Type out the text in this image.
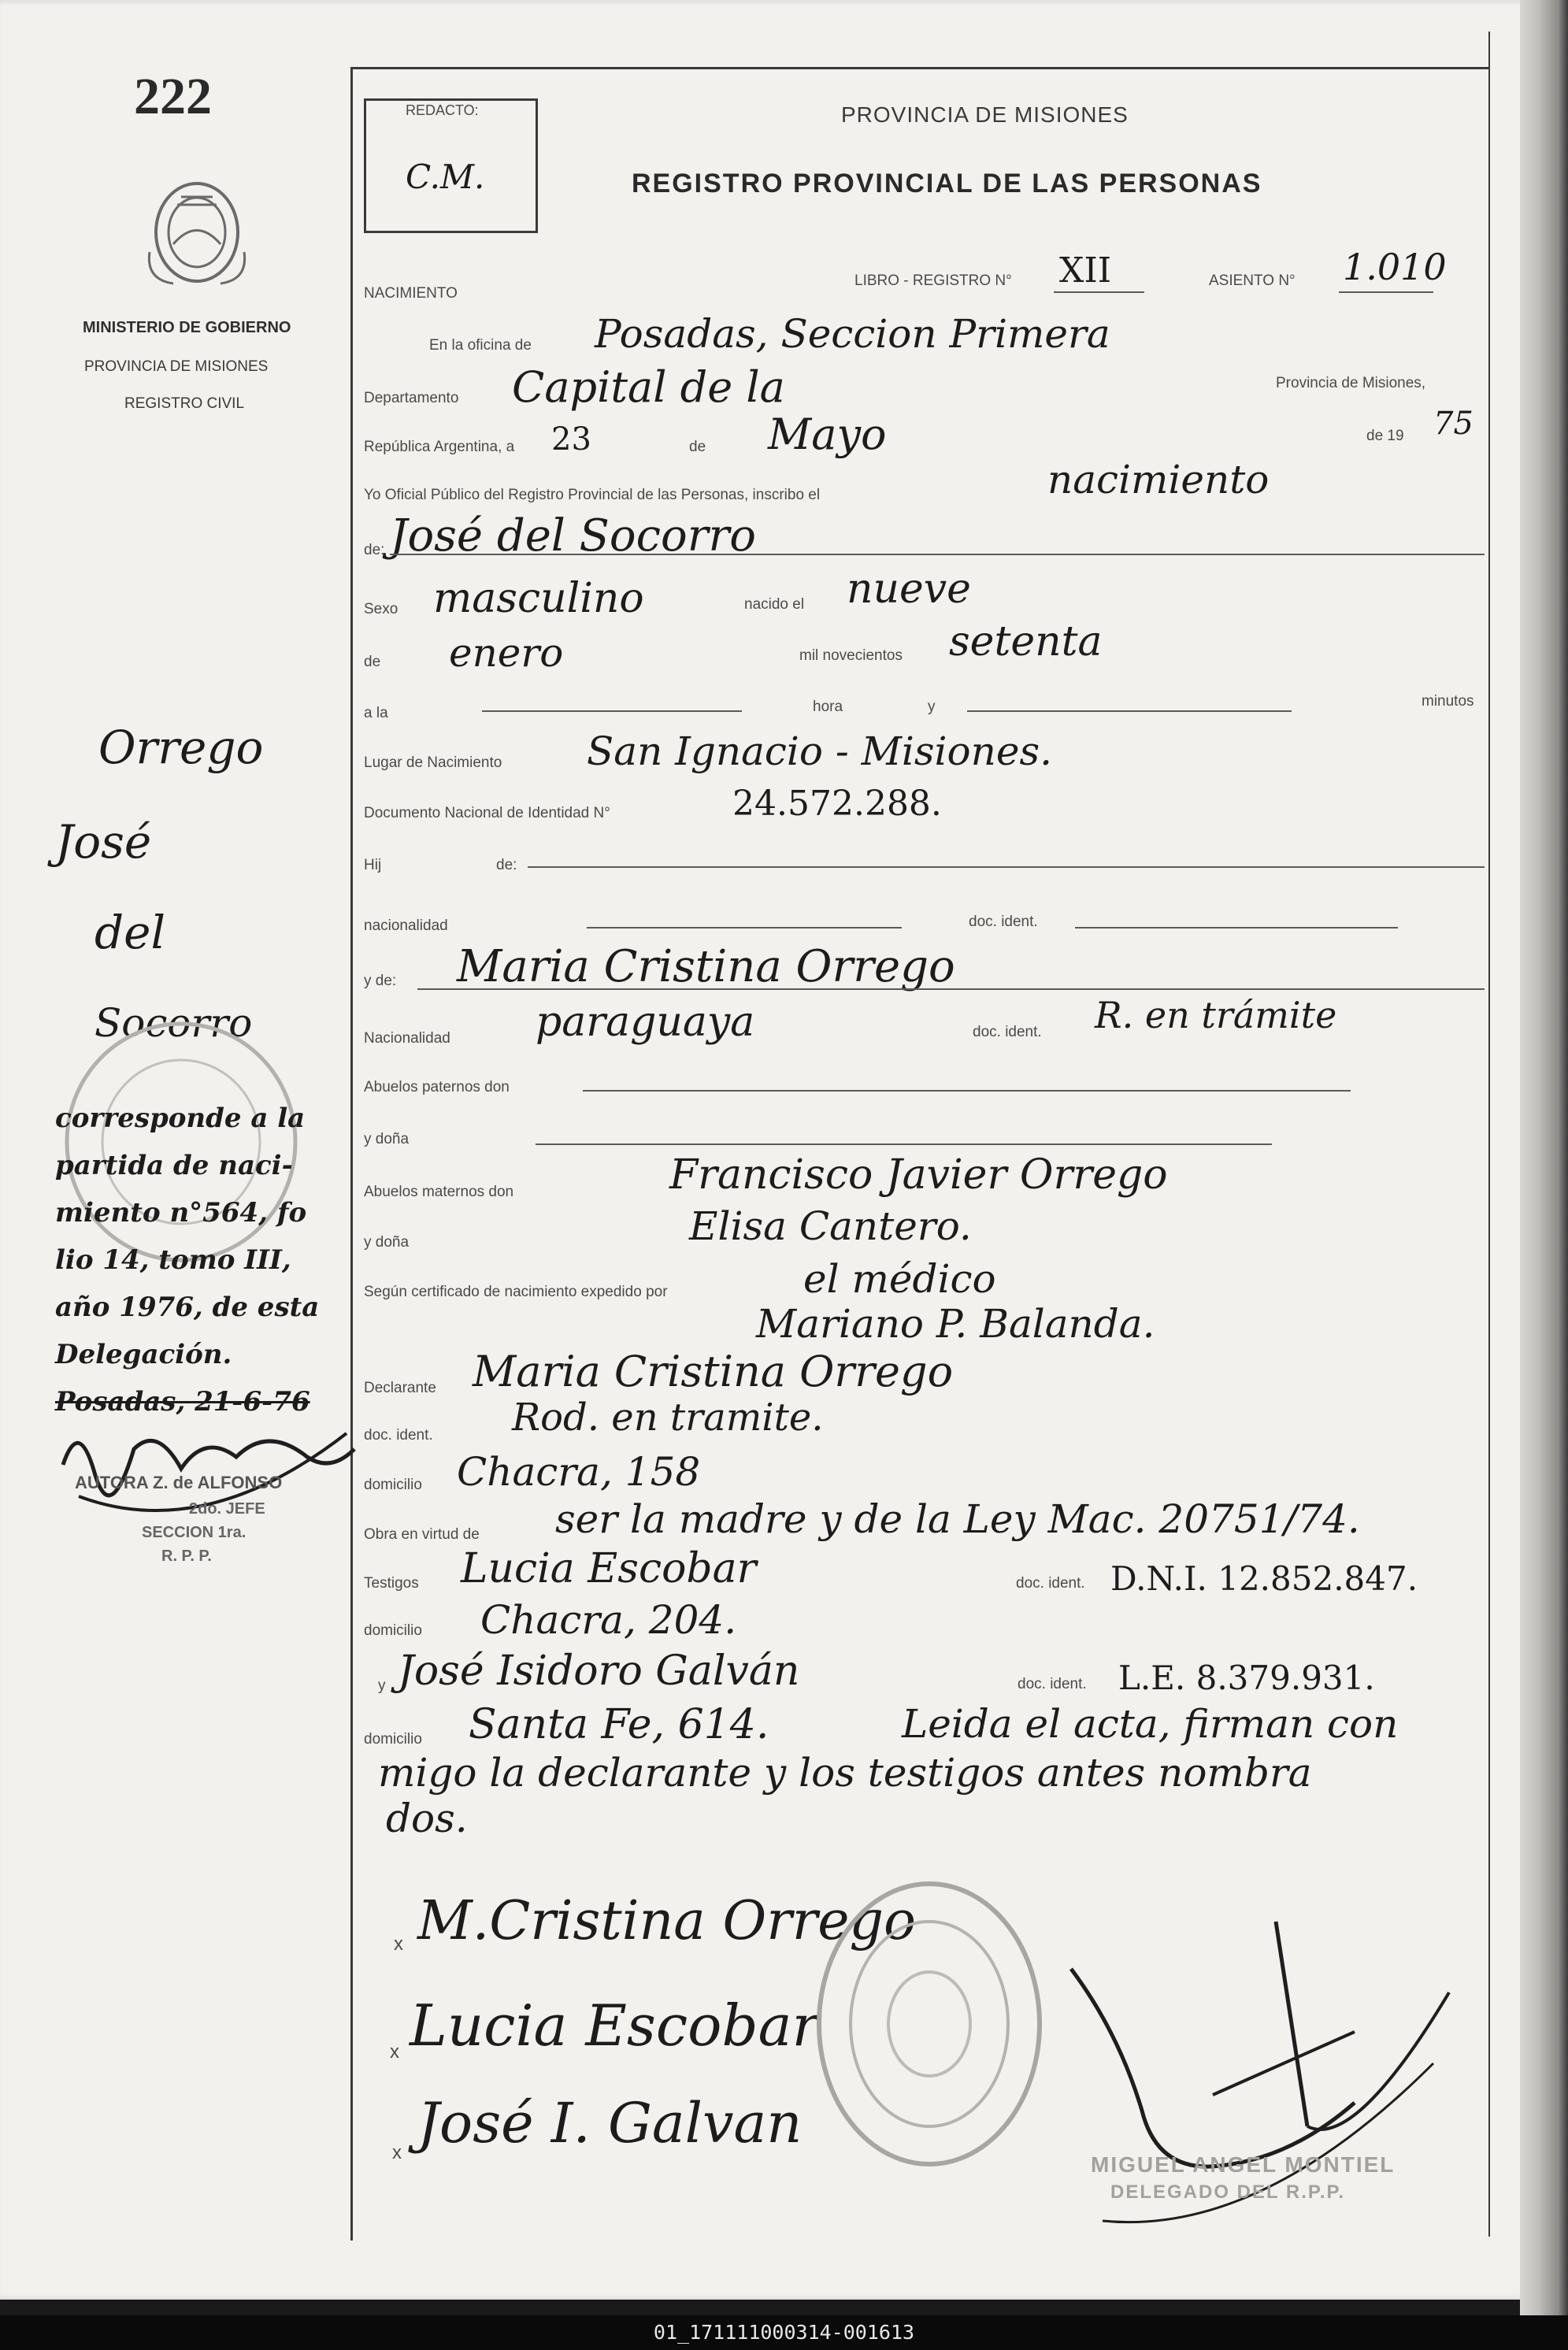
222
MINISTERIO DE GOBIERNO
PROVINCIA DE MISIONES
REGISTRO CIVIL
REDACTO:
C.M.
PROVINCIA DE MISIONES
REGISTRO PROVINCIAL DE LAS PERSONAS
NACIMIENTO
LIBRO - REGISTRO N° XII	ASIENTO N° 1.010
En la oficina de Posadas, Seccion Primera
Departamento Capital de la	Provincia de Misiones,
República Argentina, a 23	de Mayo	de 19 75
Yo Oficial Público del Registro Provincial de las Personas, inscribo el	nacimiento
de: José del Socorro
Sexo masculino	nacido el nueve
de enero	mil novecientos setenta
a la	hora	y	minutos
Lugar de Nacimiento San Ignacio - Misiones.
Documento Nacional de Identidad N°	24.572.288.
Hij	de:
nacionalidad	doc. ident.
y de: Maria Cristina Orrego
Nacionalidad paraguaya	doc. ident. R. en trámite
Abuelos paternos don
y doña
Abuelos maternos don	Francisco Javier Orrego
y doña	Elisa Cantero.
Según certificado de nacimiento expedido por	el médico
Mariano P. Balanda.
Declarante Maria Cristina Orrego
doc. ident. Rod. en tramite.
domicilio Chacra, 158
Obra en virtud de ser la madre y de la Ley Mac. 20751/74.
Testigos Lucia Escobar	doc. ident. D.N.I. 12.852.847.
domicilio Chacra, 204.
y José Isidoro Galván	doc. ident. L.E. 8.379.931.
domicilio Santa Fe, 614.	Leida el acta, firman con
migo la declarante y los testigos antes nombra
dos.
Orrego
José
del
Socorro
corresponde a la
partida de naci-
miento n°564, fo
lio 14, tomo III,
año 1976, de esta
Delegación.
Posadas, 21-6-76
AUTORA Z. de ALFONSO
2do. JEFE
SECCION 1ra.
R. P. P.
x M.Cristina Orrego
x Lucia Escobar
x José I. Galvan
MIGUEL ANGEL MONTIEL
DELEGADO DEL R.P.P.
01_171111000314-001613
